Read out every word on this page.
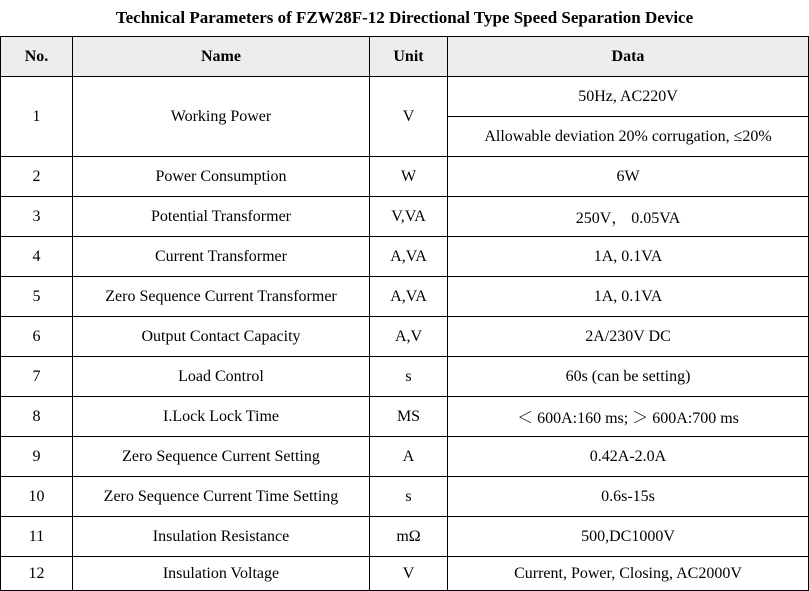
Technical Parameters of FZW28F-12 Directional Type Speed Separation Device
No.	Name	Unit	Data
1	Working Power	V	50Hz, AC220V
			Allowable deviation 20% corrugation, ≤20%
2	Power Consumption	W	6W
3	Potential Transformer	V,VA	250V， 0.05VA
4	Current Transformer	A,VA	1A, 0.1VA
5	Zero Sequence Current Transformer	A,VA	1A, 0.1VA
6	Output Contact Capacity	A,V	2A/230V DC
7	Load Control	s	60s (can be setting)
8	I.Lock Lock Time	MS	＜ 600A:160 ms; ＞ 600A:700 ms
9	Zero Sequence Current Setting	A	0.42A-2.0A
10	Zero Sequence Current Time Setting	s	0.6s-15s
11	Insulation Resistance	mΩ	500,DC1000V
12	Insulation Voltage	V	Current, Power, Closing, AC2000V
